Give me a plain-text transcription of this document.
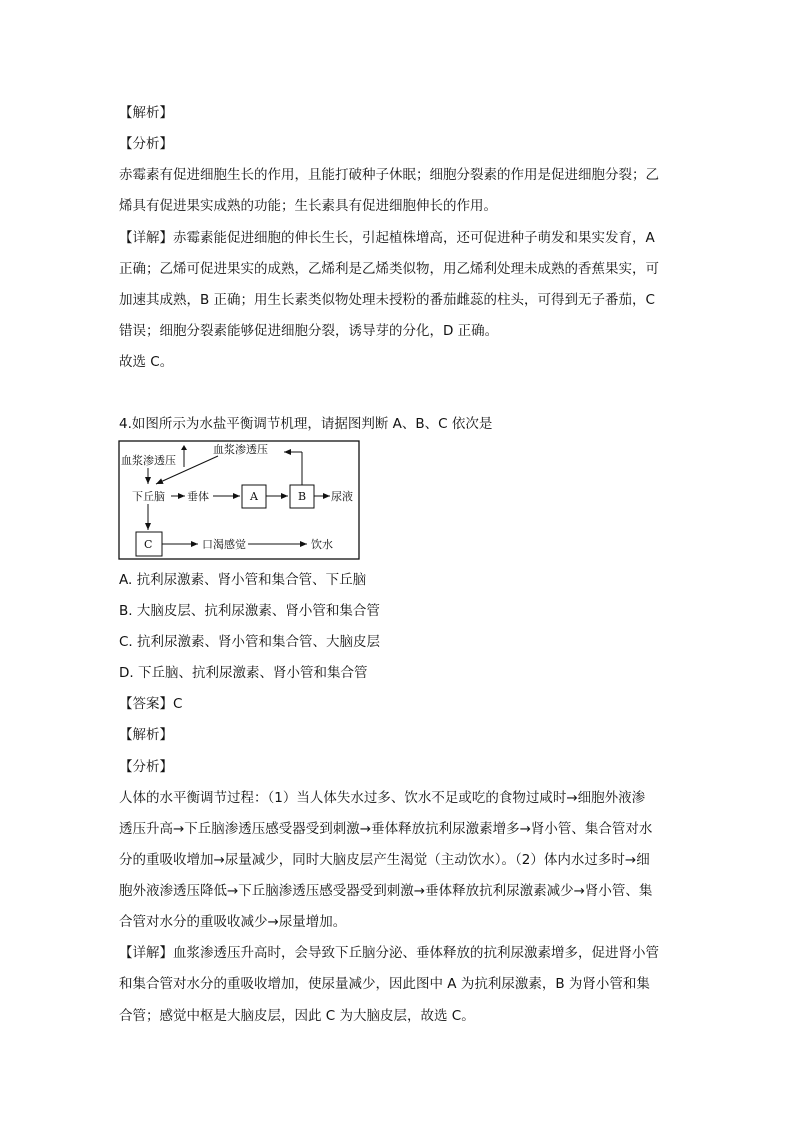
【解析】
【分析】
赤霉素有促进细胞生长的作用，且能打破种子休眠；细胞分裂素的作用是促进细胞分裂；乙
烯具有促进果实成熟的功能；生长素具有促进细胞伸长的作用。
【详解】赤霉素能促进细胞的伸长生长，引起植株增高，还可促进种子萌发和果实发育，A
正确；乙烯可促进果实的成熟，乙烯利是乙烯类似物，用乙烯利处理未成熟的香蕉果实，可
加速其成熟，B 正确；用生长素类似物处理未授粉的番茄雌蕊的柱头，可得到无子番茄，C
错误；细胞分裂素能够促进细胞分裂，诱导芽的分化，D 正确。
故选 C。
4.如图所示为水盐平衡调节机理，请据图判断 A、B、C 依次是
血浆渗透压
血浆渗透压
下丘脑 垂体	A	B 尿液
C	口渴感觉	饮水
A. 抗利尿激素、肾小管和集合管、下丘脑
B. 大脑皮层、抗利尿激素、肾小管和集合管
C. 抗利尿激素、肾小管和集合管、大脑皮层
D. 下丘脑、抗利尿激素、肾小管和集合管
【答案】C
【解析】
【分析】
人体的水平衡调节过程：（1）当人体失水过多、饮水不足或吃的食物过咸时→细胞外液渗
透压升高→下丘脑渗透压感受器受到刺激→垂体释放抗利尿激素增多→肾小管、集合管对水
分的重吸收增加→尿量减少，同时大脑皮层产生渴觉（主动饮水）。（2）体内水过多时→细
胞外液渗透压降低→下丘脑渗透压感受器受到刺激→垂体释放抗利尿激素减少→肾小管、集
合管对水分的重吸收减少→尿量增加。
【详解】血浆渗透压升高时，会导致下丘脑分泌、垂体释放的抗利尿激素增多，促进肾小管
和集合管对水分的重吸收增加，使尿量减少，因此图中 A 为抗利尿激素，B 为肾小管和集
合管；感觉中枢是大脑皮层，因此 C 为大脑皮层，故选 C。
